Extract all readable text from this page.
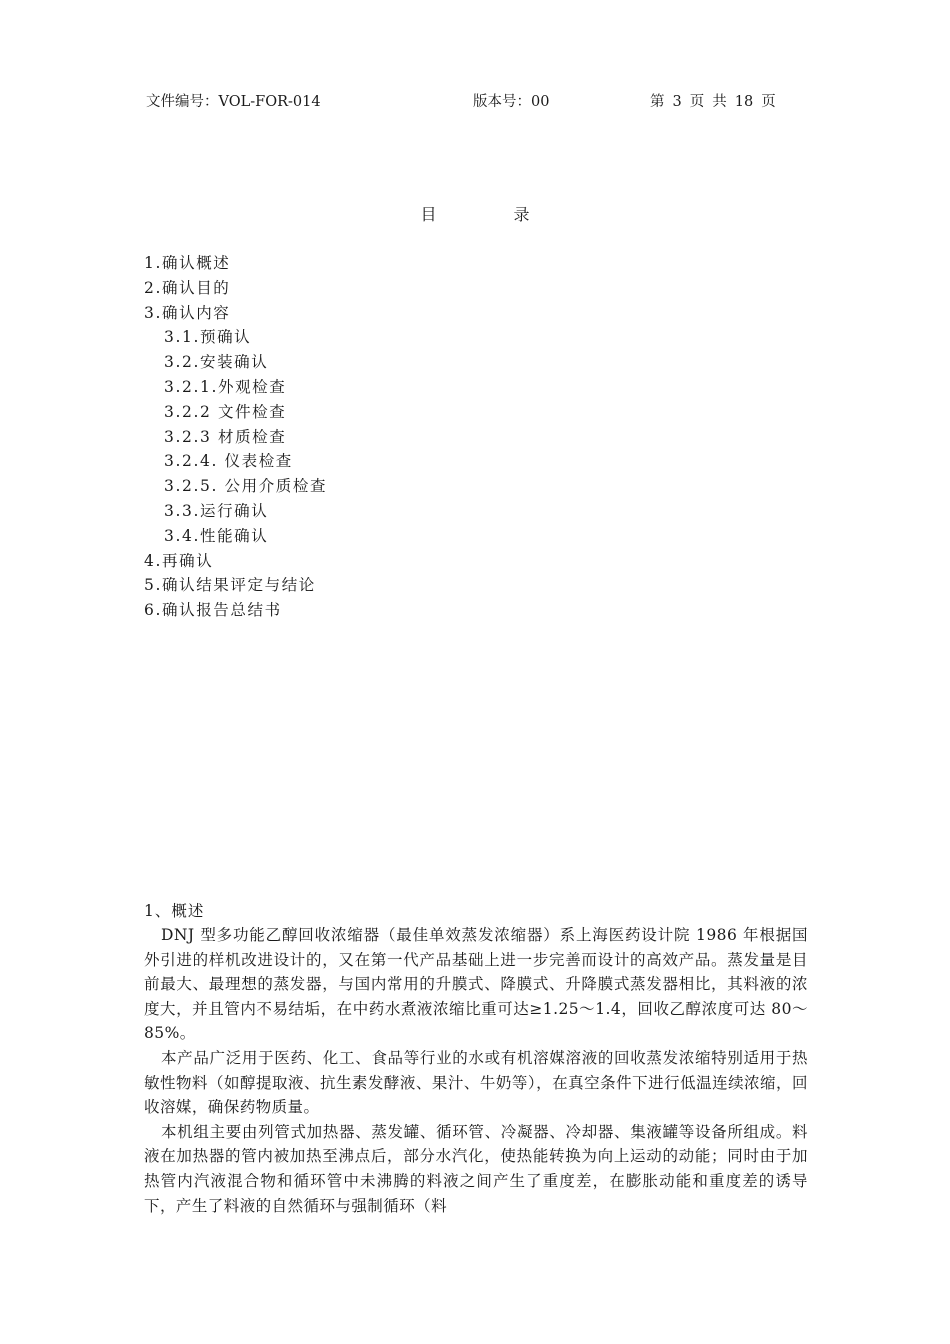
文件编号：VOL-FOR-014	版本号：00	第 3 页 共 18 页
目 录
1.确认概述
2.确认目的
3.确认内容
3.1.预确认
3.2.安装确认
3.2.1.外观检查
3.2.2 文件检查
3.2.3 材质检查
3.2.4. 仪表检查
3.2.5. 公用介质检查
3.3.运行确认
3.4.性能确认
4.再确认
5.确认结果评定与结论
6.确认报告总结书
1、概述

DNJ 型多功能乙醇回收浓缩器（最佳单效蒸发浓缩器）系上海医药设计院 1986 年根据国外引进的样机改进设计的，又在第一代产品基础上进一步完善而设计的高效产品。蒸发量是目前最大、最理想的蒸发器，与国内常用的升膜式、降膜式、升降膜式蒸发器相比，其料液的浓度大，并且管内不易结垢，在中药水煮液浓缩比重可达≥1.25～1.4，回收乙醇浓度可达 80～85%。

本产品广泛用于医药、化工、食品等行业的水或有机溶媒溶液的回收蒸发浓缩特别适用于热敏性物料（如醇提取液、抗生素发酵液、果汁、牛奶等），在真空条件下进行低温连续浓缩，回收溶媒，确保药物质量。

本机组主要由列管式加热器、蒸发罐、循环管、冷凝器、冷却器、集液罐等设备所组成。料液在加热器的管内被加热至沸点后，部分水汽化，使热能转换为向上运动的动能；同时由于加热管内汽液混合物和循环管中未沸腾的料液之间产生了重度差，在膨胀动能和重度差的诱导下，产生了料液的自然循环与强制循环（料
